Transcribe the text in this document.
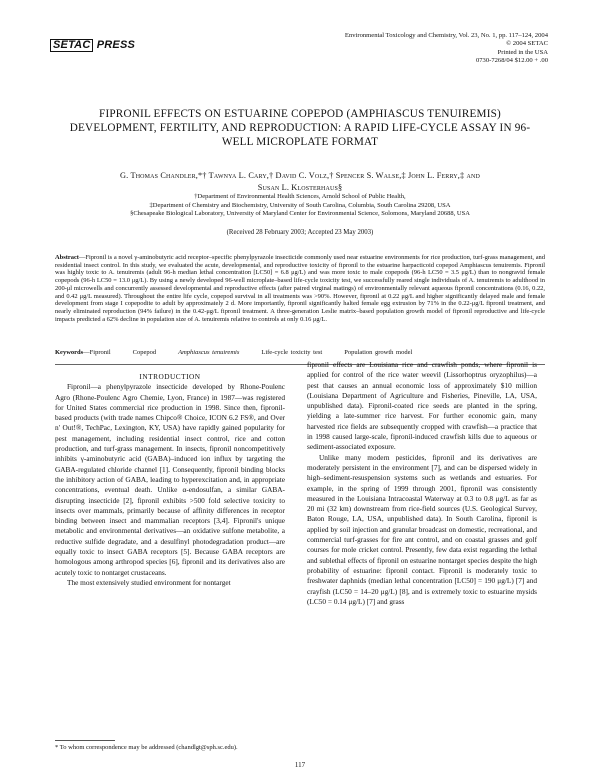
SETAC PRESS
Environmental Toxicology and Chemistry, Vol. 23, No. 1, pp. 117–124, 2004
© 2004 SETAC
Printed in the USA
0730-7268/04 $12.00 + .00
FIPRONIL EFFECTS ON ESTUARINE COPEPOD (AMPHIASCUS TENUIREMIS) DEVELOPMENT, FERTILITY, AND REPRODUCTION: A RAPID LIFE-CYCLE ASSAY IN 96-WELL MICROPLATE FORMAT
G. Thomas Chandler,*† Tawnya L. Cary,† David C. Volz,† Spencer S. Walse,‡ John L. Ferry,‡ and
Susan L. Klosterhaus§
†Department of Environmental Health Sciences, Arnold School of Public Health,
‡Department of Chemistry and Biochemistry, University of South Carolina, Columbia, South Carolina 29208, USA
§Chesapeake Biological Laboratory, University of Maryland Center for Environmental Science, Solomons, Maryland 20688, USA
(Received 28 February 2003; Accepted 23 May 2003)
Abstract—Fipronil is a novel γ-aminobutyric acid receptor–specific phenylpyrazole insecticide commonly used near estuarine environments for rice production, turf-grass management, and residential insect control. In this study, we evaluated the acute, developmental, and reproductive toxicity of fipronil to the estuarine harpacticoid copepod Amphiascus tenuiremis. Fipronil was highly toxic to A. tenuiremis (adult 96-h median lethal concentration [LC50] = 6.8 μg/L) and was more toxic to male copepods (96-h LC50 = 3.5 μg/L) than to nongravid female copepods (96-h LC50 = 13.0 μg/L). By using a newly developed 96-well microplate–based life-cycle toxicity test, we successfully reared single individuals of A. tenuiremis to adulthood in 200-μl microwells and concurrently assessed developmental and reproductive effects (after paired virginal matings) of environmentally relevant aqueous fipronil concentrations (0.16, 0.22, and 0.42 μg/L measured). Throughout the entire life cycle, copepod survival in all treatments was >90%. However, fipronil at 0.22 μg/L and higher significantly delayed male and female development from stage I copepodite to adult by approximately 2 d. More importantly, fipronil significantly halted female egg extrusion by 71% in the 0.22-μg/L fipronil treatment, and nearly eliminated reproduction (94% failure) in the 0.42-μg/L fipronil treatment. A three-generation Leslie matrix–based population growth model of fipronil reproductive and life-cycle impacts predicted a 62% decline in population size of A. tenuiremis relative to controls at only 0.16 μg/L.
Keywords—Fipronil	Copepod	Amphiascus tenuiremis	Life-cycle toxicity test	Population growth model

INTRODUCTION

Fipronil—a phenylpyrazole insecticide developed by Rhone-Poulenc Agro (Rhone-Poulenc Agro Chemie, Lyon, France) in 1987—was registered for United States commercial rice production in 1998. Since then, fipronil-based products (with trade names Chipco® Choice, ICON 6.2 FS®, and Over n' Out!®, TechPac, Lexington, KY, USA) have rapidly gained popularity for pest management, including residential insect control, rice and cotton production, and turf-grass management. In insects, fipronil noncompetitively inhibits γ-aminobutyric acid (GABA)–induced ion influx by targeting the GABA-regulated chloride channel [1]. Consequently, fipronil binding blocks the inhibitory action of GABA, leading to hyperexcitation and, in appropriate concentrations, eventual death. Unlike α-endosulfan, a similar GABA-disrupting insecticide [2], fipronil exhibits >500 fold selective toxicity to insects over mammals, primarily because of affinity differences in receptor binding between insect and mammalian receptors [3,4]. Fipronil's unique metabolic and environmental derivatives—an oxidative sulfone metabolite, a reductive sulfide degradate, and a desulfinyl photodegradation product—are equally toxic to insect GABA receptors [5]. Because GABA receptors are homologous among arthropod species [6], fipronil and its derivatives also are acutely toxic to nontarget crustaceans.

The most extensively studied environment for nontarget

fipronil effects are Louisiana rice and crawfish ponds, where fipronil is applied for control of the rice water weevil (Lissorhoptrus oryzophilus)—a pest that causes an annual economic loss of approximately $10 million (Louisiana Department of Agriculture and Fisheries, Pineville, LA, USA, unpublished data). Fipronil-coated rice seeds are planted in the spring, yielding a late-summer rice harvest. For further economic gain, many harvested rice fields are subsequently cropped with crawfish—a practice that in 1998 caused large-scale, fipronil-induced crawfish kills due to aqueous or sediment-associated exposure.

Unlike many modern pesticides, fipronil and its derivatives are moderately persistent in the environment [7], and can be dispersed widely in high–sediment-resuspension systems such as wetlands and estuaries. For example, in the spring of 1999 through 2001, fipronil was consistently measured in the Louisiana Intracoastal Waterway at 0.3 to 0.8 μg/L as far as 20 mi (32 km) downstream from rice-field sources (U.S. Geological Survey, Baton Rouge, LA, USA, unpublished data). In South Carolina, fipronil is applied by soil injection and granular broadcast on domestic, recreational, and commercial turf-grasses for fire ant control, and on coastal grasses and golf courses for mole cricket control. Presently, few data exist regarding the lethal and sublethal effects of fipronil on estuarine nontarget species despite the high probability of estuarine: fipronil contact. Fipronil is moderately toxic to freshwater daphnids (median lethal concentration [LC50] = 190 μg/L) [7] and crayfish (LC50 = 14–20 μg/L) [8], and is extremely toxic to estuarine mysids (LC50 = 0.14 μg/L) [7] and grass

* To whom correspondence may be addressed (chandlgt@sph.sc.edu).
117
